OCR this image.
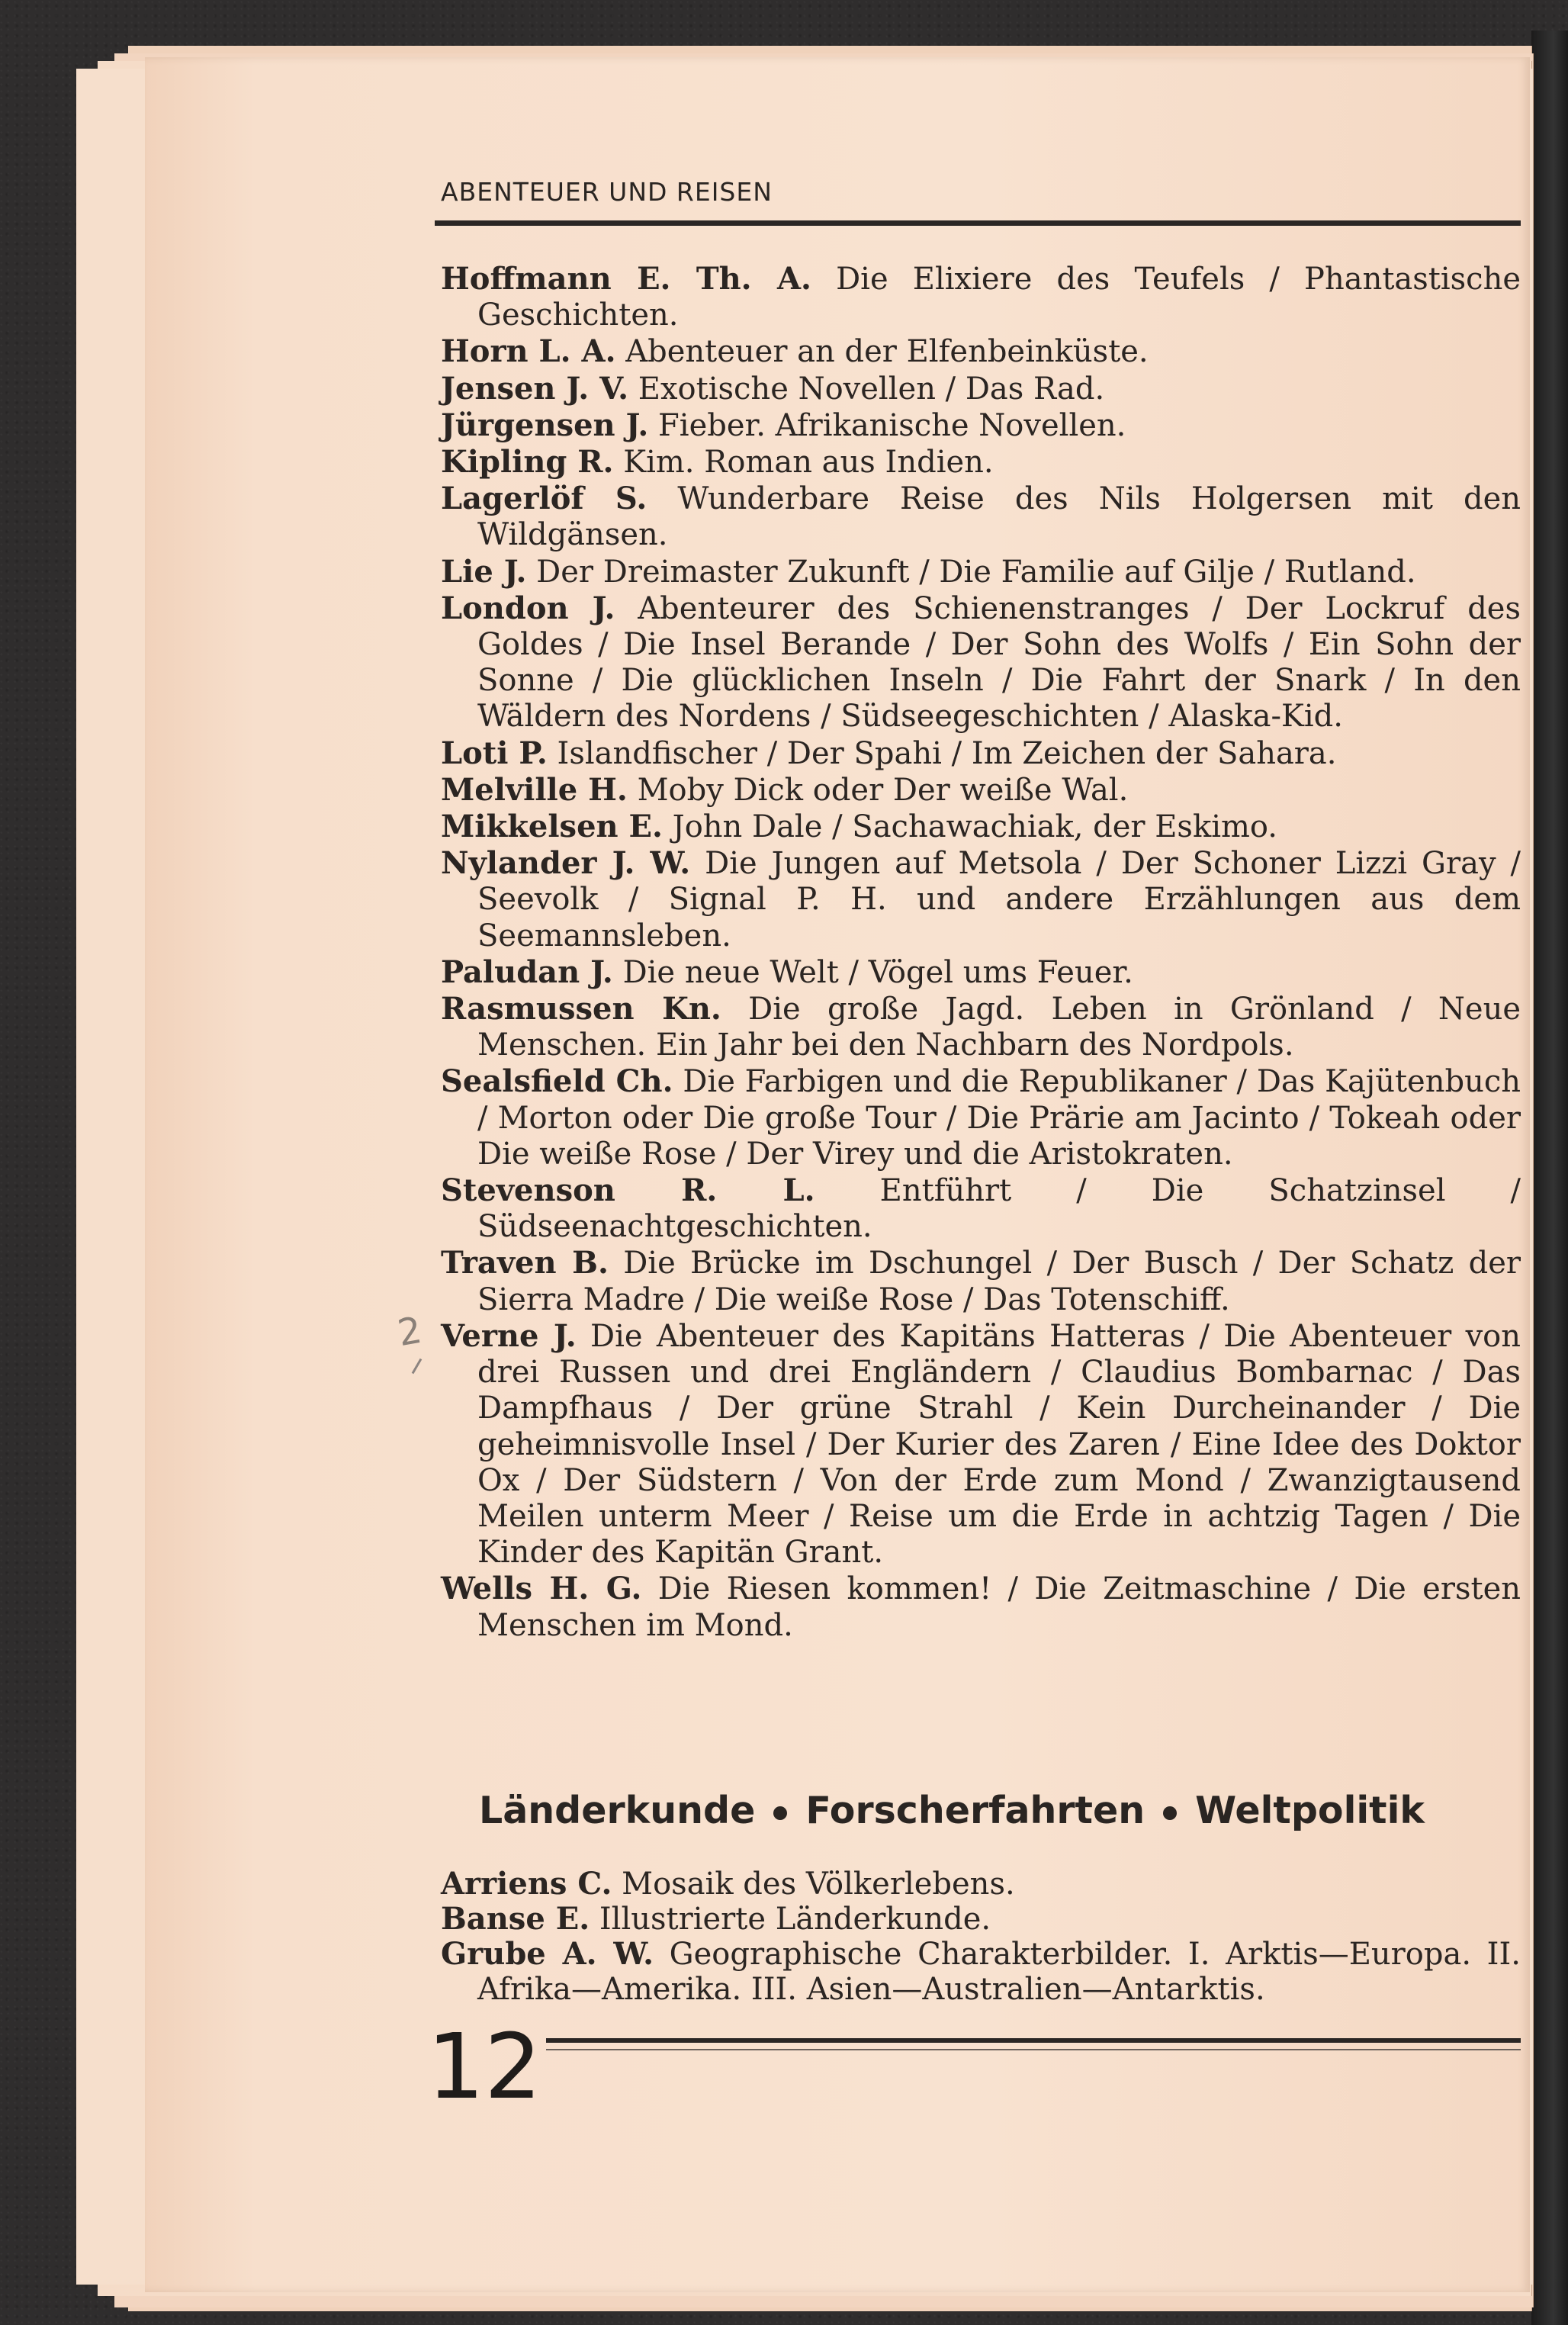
ABENTEUER UND REISEN

Hoffmann E. Th. A. Die Elixiere des Teufels / Phantastische Geschichten.

Horn L. A. Abenteuer an der Elfenbeinküste.

Jensen J. V. Exotische Novellen / Das Rad.

Jürgensen J. Fieber. Afrikanische Novellen.

Kipling R. Kim. Roman aus Indien.

Lagerlöf S. Wunderbare Reise des Nils Holgersen mit den Wildgänsen.

Lie J. Der Dreimaster Zukunft / Die Familie auf Gilje / Rutland.

London J. Abenteurer des Schienenstranges / Der Lockruf des Goldes / Die Insel Berande / Der Sohn des Wolfs / Ein Sohn der Sonne / Die glücklichen Inseln / Die Fahrt der Snark / In den Wäldern des Nordens / Südseegeschichten / Alaska-Kid.

Loti P. Islandfischer / Der Spahi / Im Zeichen der Sahara.

Melville H. Moby Dick oder Der weiße Wal.

Mikkelsen E. John Dale / Sachawachiak, der Eskimo.

Nylander J. W. Die Jungen auf Metsola / Der Schoner Lizzi Gray / Seevolk / Signal P. H. und andere Erzählungen aus dem Seemannsleben.

Paludan J. Die neue Welt / Vögel ums Feuer.

Rasmussen Kn. Die große Jagd. Leben in Grönland / Neue Menschen. Ein Jahr bei den Nachbarn des Nordpols.

Sealsfield Ch. Die Farbigen und die Republikaner / Das Kajütenbuch / Morton oder Die große Tour / Die Prärie am Jacinto / Tokeah oder Die weiße Rose / Der Virey und die Aristokraten.

Stevenson R. L. Entführt / Die Schatzinsel / Südseenachtgeschichten.

Traven B. Die Brücke im Dschungel / Der Busch / Der Schatz der Sierra Madre / Die weiße Rose / Das Totenschiff.

Verne J. Die Abenteuer des Kapitäns Hatteras / Die Abenteuer von drei Russen und drei Engländern / Claudius Bombarnac / Das Dampfhaus / Der grüne Strahl / Kein Durcheinander / Die geheimnisvolle Insel / Der Kurier des Zaren / Eine Idee des Doktor Ox / Der Südstern / Von der Erde zum Mond / Zwanzigtausend Meilen unterm Meer / Reise um die Erde in achtzig Tagen / Die Kinder des Kapitän Grant.

Wells H. G. Die Riesen kommen! / Die Zeitmaschine / Die ersten Menschen im Mond.

2
Länderkunde Forscherfahrten Weltpolitik

Arriens C. Mosaik des Völkerlebens.

Banse E. Illustrierte Länderkunde.

Grube A. W. Geographische Charakterbilder. I. Arktis—Europa. II. Afrika—Amerika. III. Asien—Australien—Antarktis.

12
